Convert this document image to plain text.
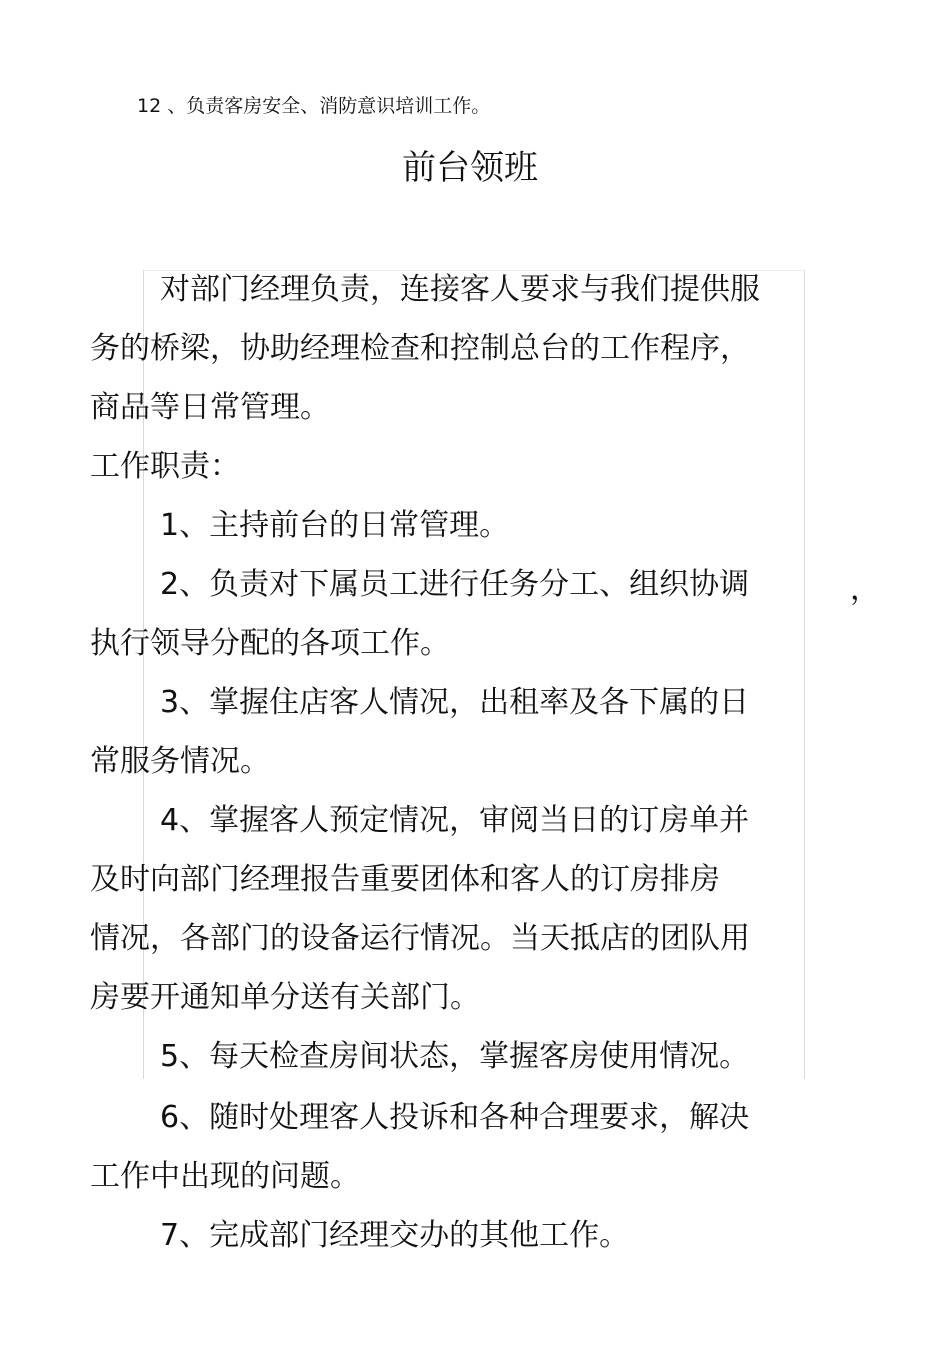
12 、负责客房安全、消防意识培训工作。
前台领班
对部门经理负责，连接客人要求与我们提供服
务的桥梁，协助经理检查和控制总台的工作程序，
商品等日常管理。
工作职责：
1、主持前台的日常管理。
2、负责对下属员工进行任务分工、组织协调	，
执行领导分配的各项工作。
3、掌握住店客人情况，出租率及各下属的日
常服务情况。
4、掌握客人预定情况，审阅当日的订房单并
及时向部门经理报告重要团体和客人的订房排房
情况，各部门的设备运行情况。当天抵店的团队用
房要开通知单分送有关部门。
5、每天检查房间状态，掌握客房使用情况。
6、随时处理客人投诉和各种合理要求，解决
工作中出现的问题。
7、完成部门经理交办的其他工作。
